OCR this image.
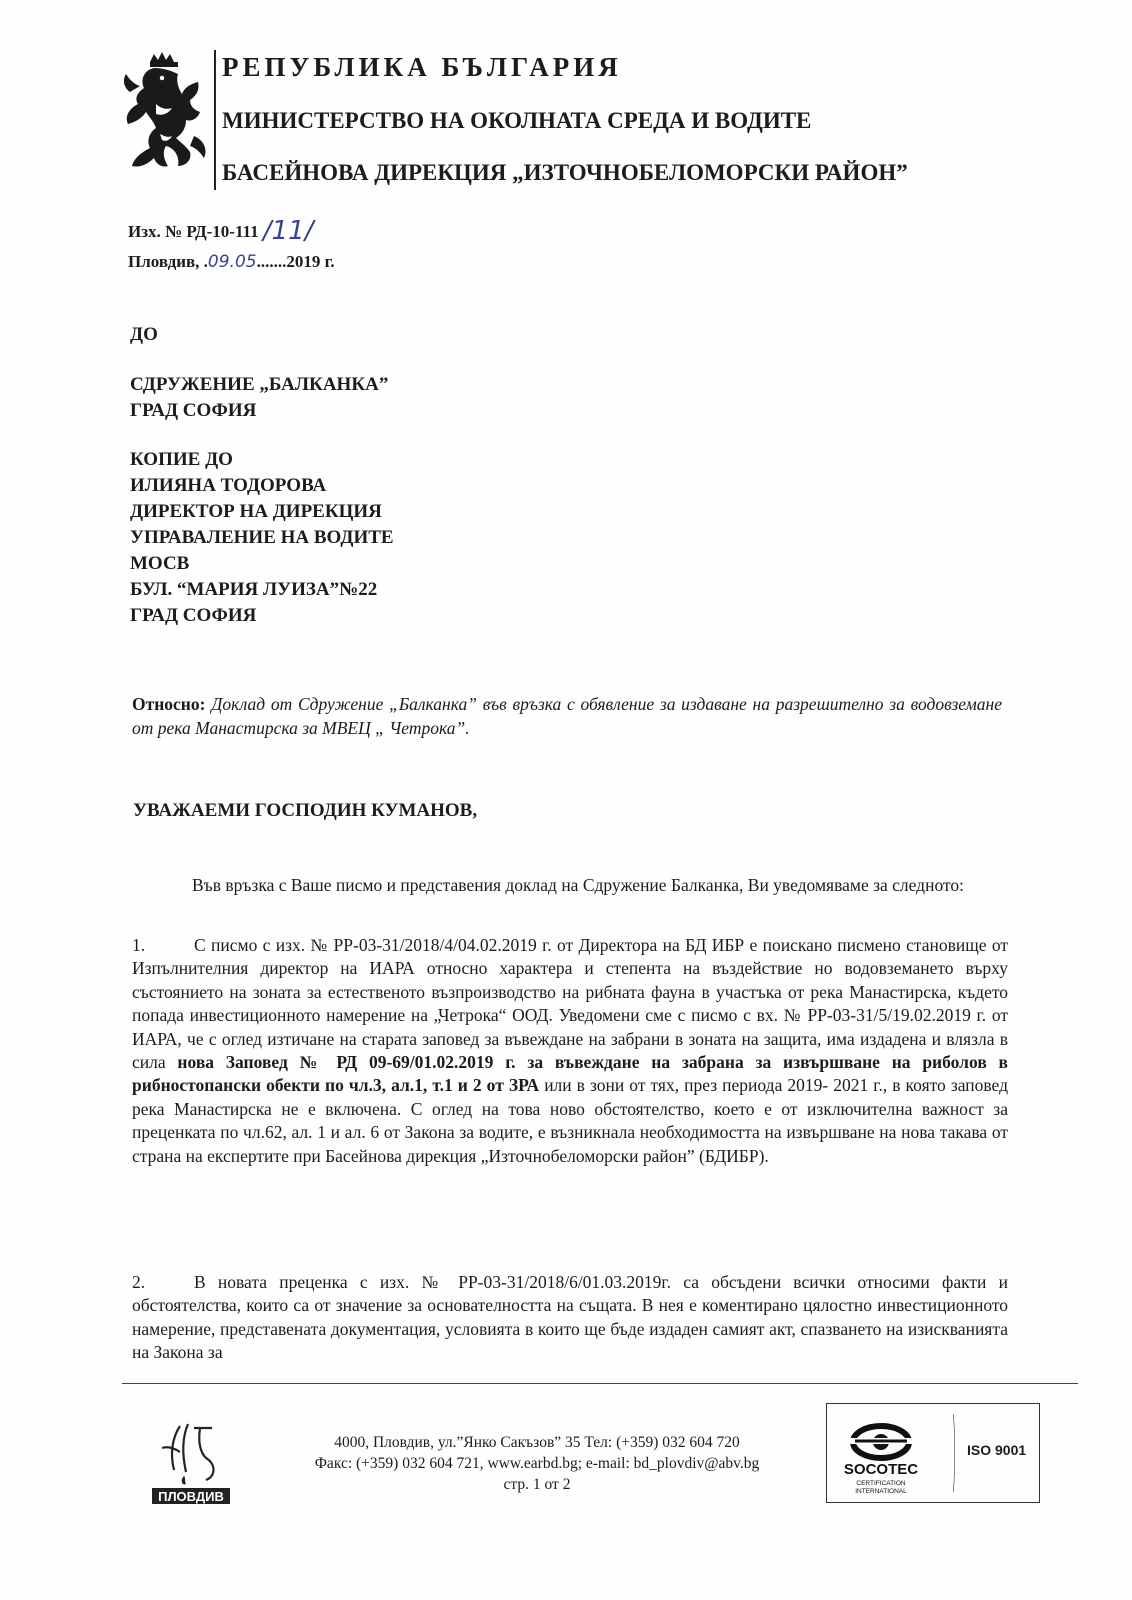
РЕПУБЛИКА БЪЛГАРИЯ
МИНИСТЕРСТВО НА ОКОЛНАТА СРЕДА И ВОДИТЕ
БАСЕЙНОВА ДИРЕКЦИЯ „ИЗТОЧНОБЕЛОМОРСКИ РАЙОН”
Изх. № РД-10-111 /11/
Пловдив, .09.05.......2019 г.
ДО
СДРУЖЕНИЕ „БАЛКАНКА”
ГРАД СОФИЯ
КОПИЕ ДО
ИЛИЯНА ТОДОРОВА
ДИРЕКТОР НА ДИРЕКЦИЯ
УПРАВАЛЕНИЕ НА ВОДИТЕ
МОСВ
БУЛ. “МАРИЯ ЛУИЗА”№22
ГРАД СОФИЯ
Относно: Доклад от Сдружение „Балканка” във връзка с обявление за издаване на разрешително за водовземане от река Манастирска за МВЕЦ „ Четрока”.
УВАЖАЕМИ ГОСПОДИН КУМАНОВ,
Във връзка с Ваше писмо и представения доклад на Сдружение Балканка, Ви уведомяваме за следното:
1.	С писмо с изх. № РР-03-31/2018/4/04.02.2019 г. от Директора на БД ИБР е поискано писмено становище от Изпълнителния директор на ИАРА относно характера и степента на въздействие но водовземането върху състоянието на зоната за естественото възпроизводство на рибната фауна в участъка от река Манастирска, където попада инвестиционното намерение на „Четрока“ ООД. Уведомени сме с писмо с вх. № РР-03-31/5/19.02.2019 г. от ИАРА, че с оглед изтичане на старата заповед за въвеждане на забрани в зоната на защита, има издадена и влязла в сила нова Заповед № РД 09-69/01.02.2019 г. за въвеждане на забрана за извършване на риболов в рибностопански обекти по чл.3, ал.1, т.1 и 2 от ЗРА или в зони от тях, през периода 2019- 2021 г., в която заповед река Манастирска не е включена. С оглед на това ново обстоятелство, което е от изключителна важност за преценката по чл.62, ал. 1 и ал. 6 от Закона за водите, е възникнала необходимостта на извършване на нова такава от страна на експертите при Басейнова дирекция „Източнобеломорски район” (БДИБР).
2.	В новата преценка с изх. № РР-03-31/2018/6/01.03.2019г. са обсъдени всички относими факти и обстоятелства, които са от значение за основателността на същата. В нея е коментирано цялостно инвестиционното намерение, представената документация, условията в които ще бъде издаден самият акт, спазването на изискванията на Закона за
ПЛОВДИВ
4000, Пловдив, ул.”Янко Сакъзов” 35 Тел: (+359) 032 604 720
Факс: (+359) 032 604 721, www.earbd.bg; e-mail: bd_plovdiv@abv.bg
стр. 1 от 2
SOCOTEC
CERTIFICATION
INTERNATIONAL
ISO 9001
